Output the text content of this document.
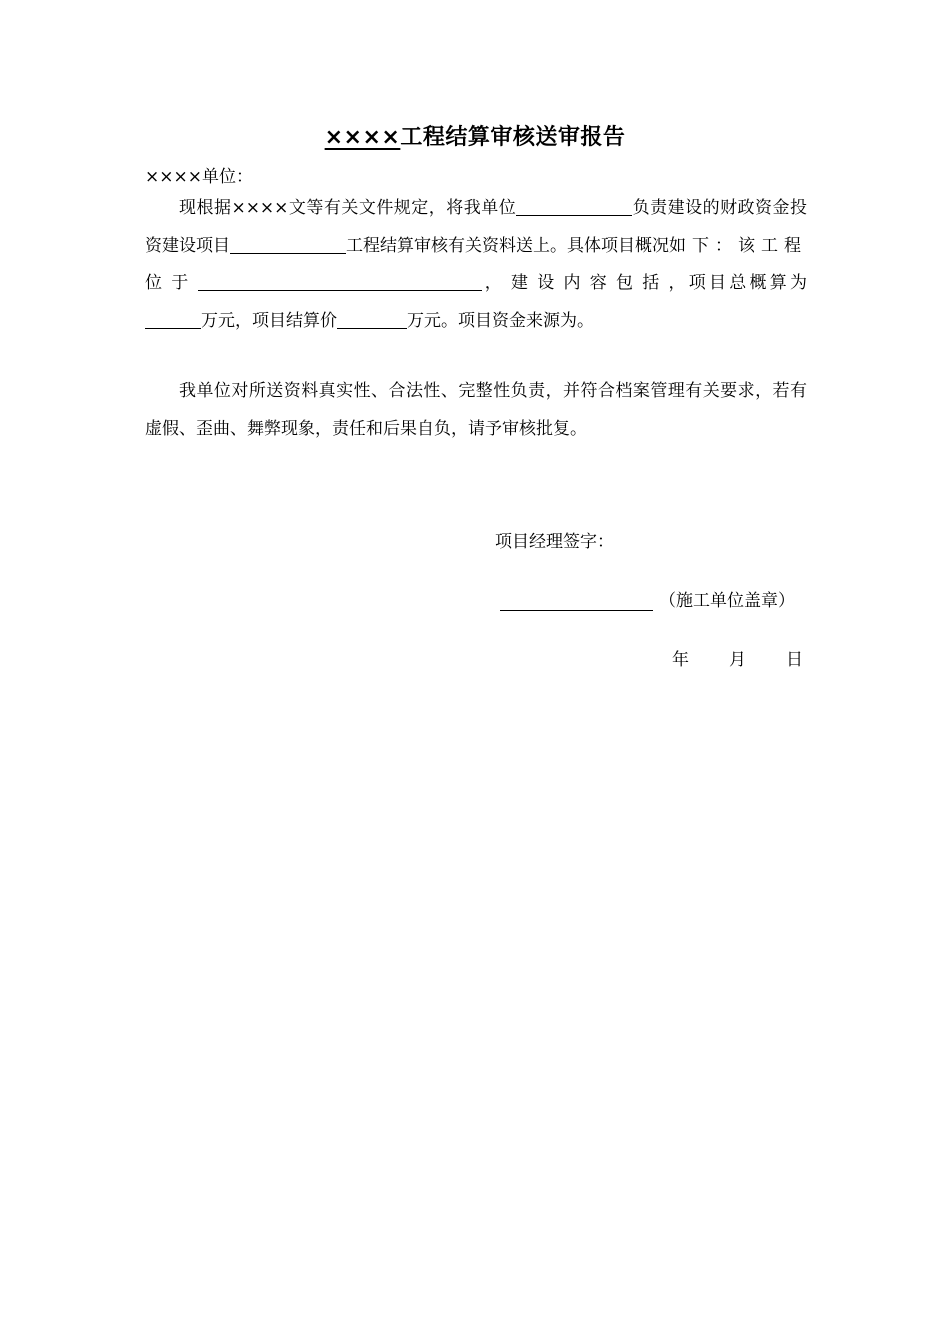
××××工程结算审核送审报告
××××单位：

现根据××××文等有关文件规定，将我单位	负责建设的财政资金投资建设项目	工程结算审核有关资料送上。具体项目概况如下：该工程位于	，建设内容包括，项目总概算为万元，项目结算价	万元。项目资金来源为。

我单位对所送资料真实性、合法性、完整性负责，并符合档案管理有关要求，若有虚假、歪曲、舞弊现象，责任和后果自负，请予审核批复。

项目经理签字：
（施工单位盖章）
年 月 日
